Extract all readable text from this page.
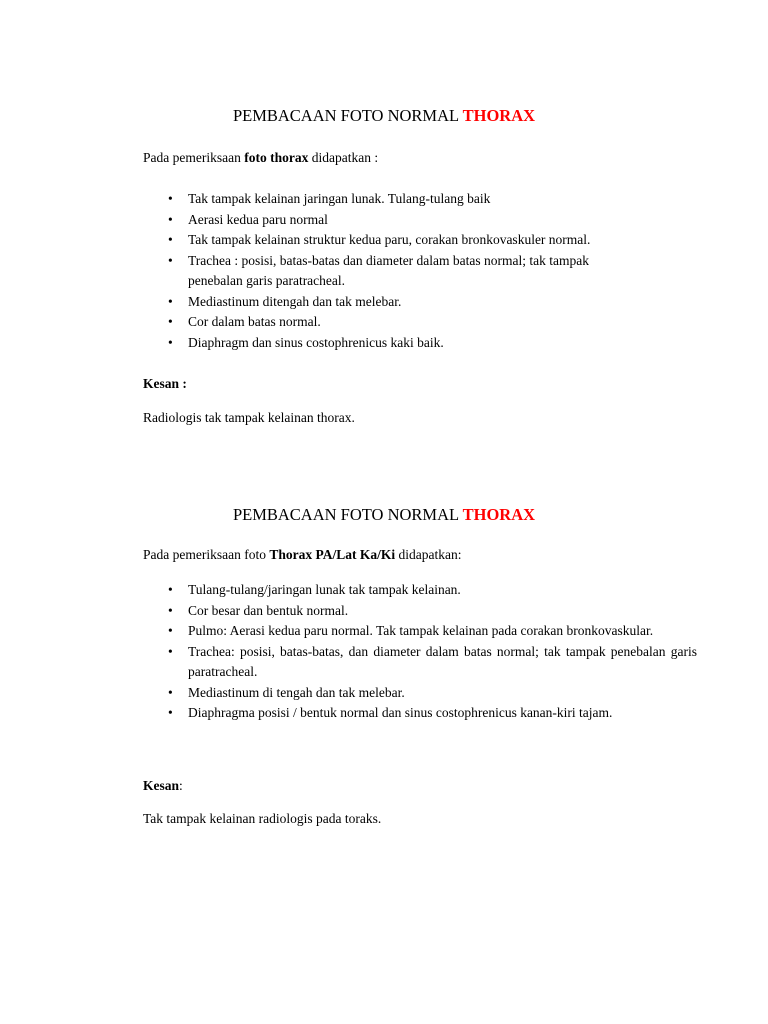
PEMBACAAN FOTO NORMAL THORAX
Pada pemeriksaan foto thorax didapatkan :
• Tak tampak kelainan jaringan lunak. Tulang-tulang baik
• Aerasi kedua paru normal
• Tak tampak kelainan struktur kedua paru, corakan bronkovaskuler normal.
• Trachea : posisi, batas-batas dan diameter dalam batas normal; tak tampak penebalan garis paratracheal.
• Mediastinum ditengah dan tak melebar.
• Cor dalam batas normal.
• Diaphragm dan sinus costophrenicus kaki baik.
Kesan :
Radiologis tak tampak kelainan thorax.
PEMBACAAN FOTO NORMAL THORAX
Pada pemeriksaan foto Thorax PA/Lat Ka/Ki didapatkan:
• Tulang-tulang/jaringan lunak tak tampak kelainan.
• Cor besar dan bentuk normal.
• Pulmo: Aerasi kedua paru normal. Tak tampak kelainan pada corakan bronkovaskular.
• Trachea: posisi, batas-batas, dan diameter dalam batas normal; tak tampak penebalan garis paratracheal.
• Mediastinum di tengah dan tak melebar.
• Diaphragma posisi / bentuk normal dan sinus costophrenicus kanan-kiri tajam.
Kesan:
Tak tampak kelainan radiologis pada toraks.
